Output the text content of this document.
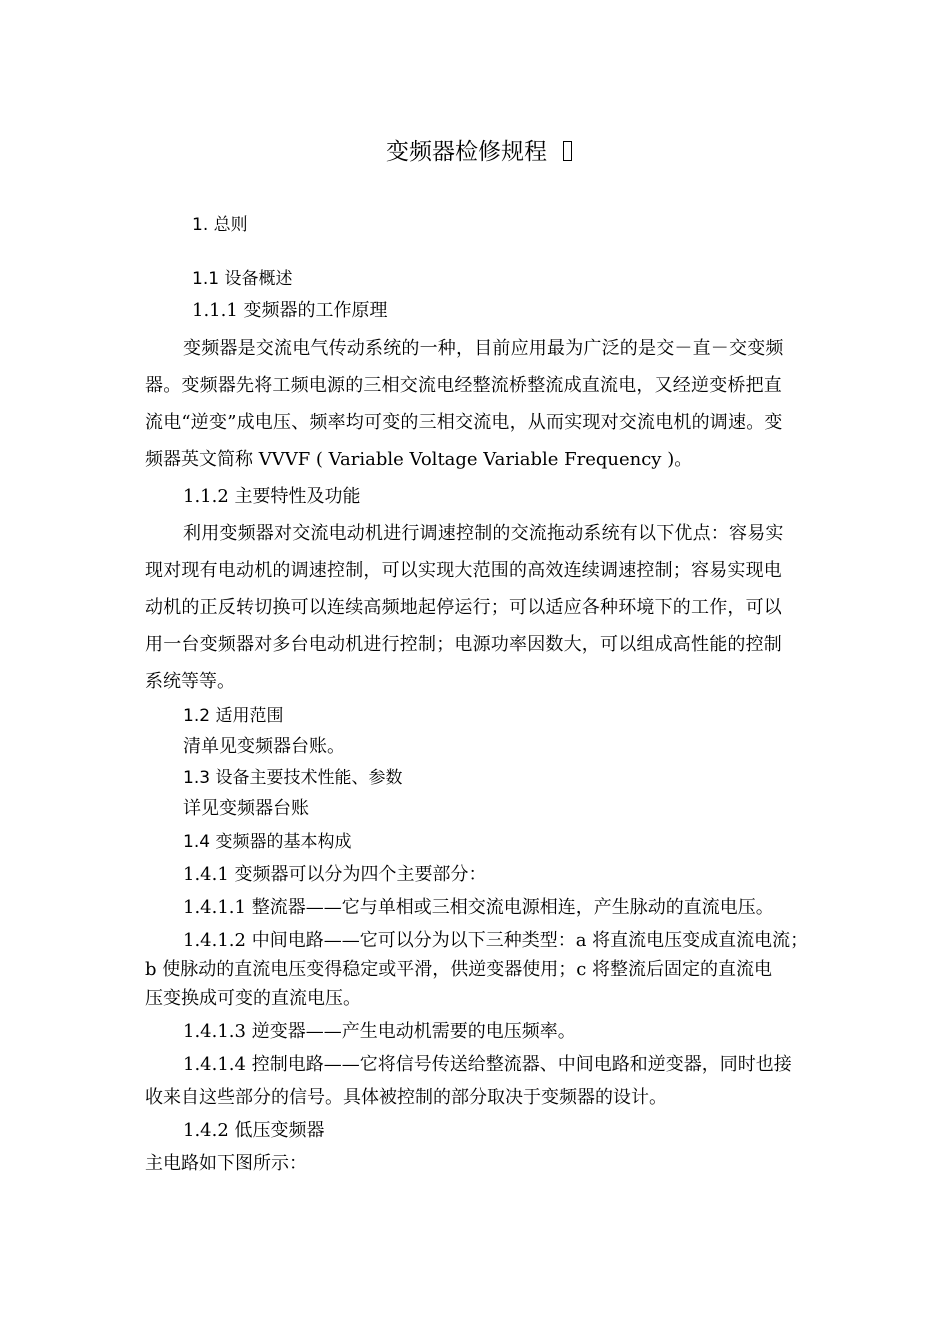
变频器检修规程
1. 总则
1.1 设备概述
1.1.1 变频器的工作原理
变频器是交流电气传动系统的一种，目前应用最为广泛的是交－直－交变频
器。变频器先将工频电源的三相交流电经整流桥整流成直流电，又经逆变桥把直
流电“逆变”成电压、频率均可变的三相交流电，从而实现对交流电机的调速。变
频器英文简称 VVVF ( Variable Voltage Variable Frequency )。
1.1.2 主要特性及功能
利用变频器对交流电动机进行调速控制的交流拖动系统有以下优点：容易实
现对现有电动机的调速控制，可以实现大范围的高效连续调速控制；容易实现电
动机的正反转切换可以连续高频地起停运行；可以适应各种环境下的工作，可以
用一台变频器对多台电动机进行控制；电源功率因数大，可以组成高性能的控制
系统等等。
1.2 适用范围
清单见变频器台账。
1.3 设备主要技术性能、参数
详见变频器台账
1.4 变频器的基本构成
1.4.1 变频器可以分为四个主要部分：
1.4.1.1 整流器——它与单相或三相交流电源相连，产生脉动的直流电压。
1.4.1.2 中间电路——它可以分为以下三种类型：a 将直流电压变成直流电流；
b 使脉动的直流电压变得稳定或平滑，供逆变器使用；c 将整流后固定的直流电
压变换成可变的直流电压。
1.4.1.3 逆变器——产生电动机需要的电压频率。
1.4.1.4 控制电路——它将信号传送给整流器、中间电路和逆变器，同时也接
收来自这些部分的信号。具体被控制的部分取决于变频器的设计。
1.4.2 低压变频器
主电路如下图所示：
